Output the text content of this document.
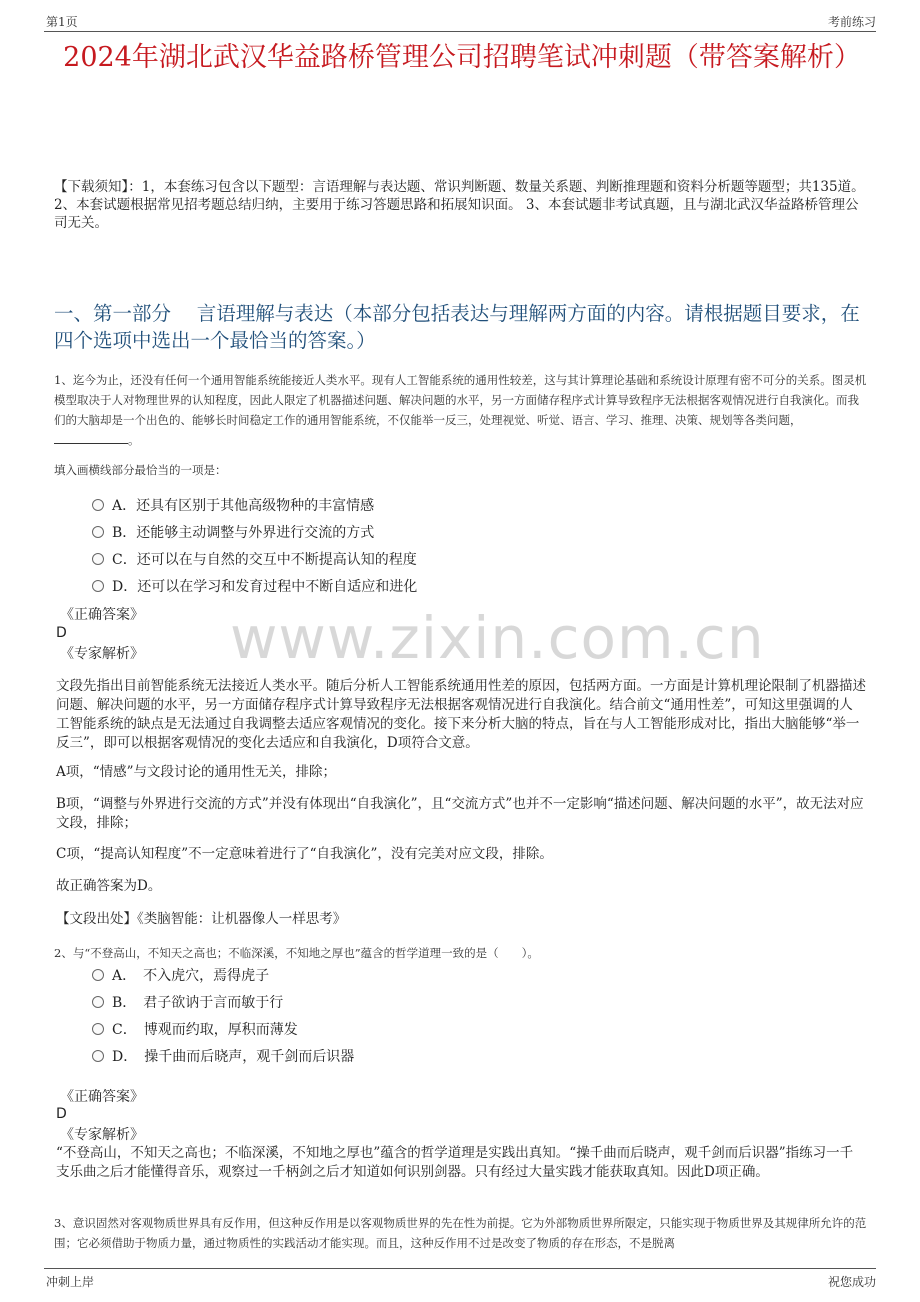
第1页	考前练习
2024年湖北武汉华益路桥管理公司招聘笔试冲刺题（带答案解析）
【下载须知】：1，本套练习包含以下题型：言语理解与表达题、常识判断题、数量关系题、判断推理题和资料分析题等题型；共135道。 2、本套试题根据常见招考题总结归纳，主要用于练习答题思路和拓展知识面。 3、本套试题非考试真题，且与湖北武汉华益路桥管理公司无关。
一、第一部分　 言语理解与表达（本部分包括表达与理解两方面的内容。请根据题目要求，在四个选项中选出一个最恰当的答案。）
1、迄今为止，还没有任何一个通用智能系统能接近人类水平。现有人工智能系统的通用性较差，这与其计算理论基础和系统设计原理有密不可分的关系。图灵机模型取决于人对物理世界的认知程度，因此人限定了机器描述问题、解决问题的水平，另一方面储存程序式计算导致程序无法根据客观情况进行自我演化。而我们的大脑却是一个出色的、能够长时间稳定工作的通用智能系统，不仅能举一反三，处理视觉、听觉、语言、学习、推理、决策、规划等各类问题，。
填入画横线部分最恰当的一项是：
A．还具有区别于其他高级物种的丰富情感
B．还能够主动调整与外界进行交流的方式
C．还可以在与自然的交互中不断提高认知的程度
D．还可以在学习和发育过程中不断自适应和进化
《正确答案》
D
《专家解析》 www.zixin.com.cn
文段先指出目前智能系统无法接近人类水平。随后分析人工智能系统通用性差的原因，包括两方面。一方面是计算机理论限制了机器描述问题、解决问题的水平，另一方面储存程序式计算导致程序无法根据客观情况进行自我演化。结合前文“通用性差”，可知这里强调的人工智能系统的缺点是无法通过自我调整去适应客观情况的变化。接下来分析大脑的特点，旨在与人工智能形成对比，指出大脑能够“举一反三”，即可以根据客观情况的变化去适应和自我演化，D项符合文意。
A项，“情感”与文段讨论的通用性无关，排除；
B项，“调整与外界进行交流的方式”并没有体现出“自我演化”，且“交流方式”也并不一定影响“描述问题、解决问题的水平”，故无法对应文段，排除；
C项，“提高认知程度”不一定意味着进行了“自我演化”，没有完美对应文段，排除。
故正确答案为D。
【文段出处】《类脑智能：让机器像人一样思考》
2、与“不登高山，不知天之高也；不临深溪，不知地之厚也”蕴含的哲学道理一致的是（　　）。
A．　不入虎穴，焉得虎子
B．　君子欲讷于言而敏于行
C．　博观而约取，厚积而薄发
D．　操千曲而后晓声，观千剑而后识器
《正确答案》
D
《专家解析》
“不登高山，不知天之高也；不临深溪，不知地之厚也”蕴含的哲学道理是实践出真知。“操千曲而后晓声，观千剑而后识器”指练习一千支乐曲之后才能懂得音乐，观察过一千柄剑之后才知道如何识别剑器。只有经过大量实践才能获取真知。因此D项正确。
3、意识固然对客观物质世界具有反作用，但这种反作用是以客观物质世界的先在性为前提。它为外部物质世界所限定，只能实现于物质世界及其规律所允许的范围；它必须借助于物质力量，通过物质性的实践活动才能实现。而且，这种反作用不过是改变了物质的存在形态，不是脱离
冲刺上岸	祝您成功
